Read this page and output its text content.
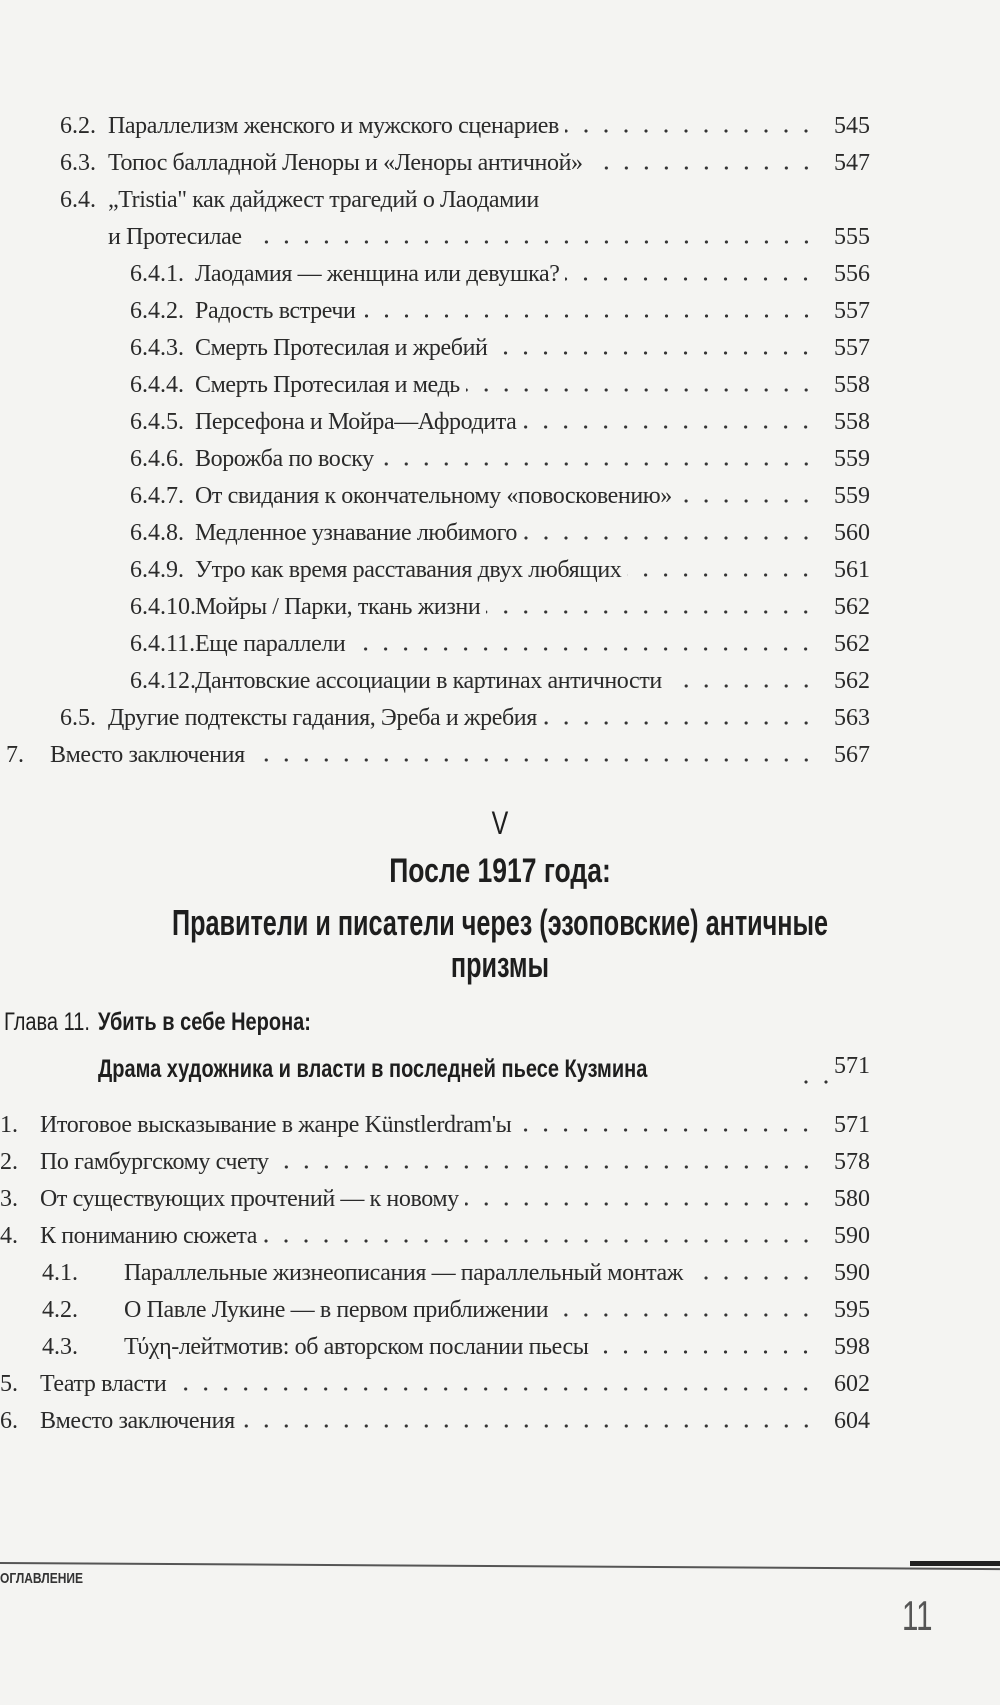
6.2. Параллелизм женского и мужского сценариев	545
6.3. Топос балладной Леноры и «Леноры античной»	547
6.4. „Tristia" как дайджест трагедий о Лаодамии
и Протесилае	555
6.4.1. Лаодамия — женщина или девушка?	556
6.4.2. Радость встречи	557
6.4.3. Смерть Протесилая и жребий	557
6.4.4. Смерть Протесилая и медь	558
6.4.5. Персефона и Мойра—Афродита	558
6.4.6. Ворожба по воску	559
6.4.7. От свидания к окончательному «повосковению»	559
6.4.8. Медленное узнавание любимого	560
6.4.9. Утро как время расставания двух любящих	561
6.4.10. Мойры / Парки, ткань жизни	562
6.4.11. Еще параллели	562
6.4.12. Дантовские ассоциации в картинах античности	562
6.5. Другие подтексты гадания, Эреба и жребия	563
7. Вместо заключения	567
V
После 1917 года:
Правители и писатели через (эзоповские) античные призмы
Глава 11. Убить в себе Нерона:
Драма художника и власти в последней пьесе Кузмина	571
1. Итоговое высказывание в жанре Künstlerdram'ы	571
2. По гамбургскому счету	578
3. От существующих прочтений — к новому	580
4. К пониманию сюжета	590
4.1. Параллельные жизнеописания — параллельный монтаж	590
4.2. О Павле Лукине — в первом приближении	595
4.3. Τύχη-лейтмотив: об авторском послании пьесы	598
5. Театр власти	602
6. Вместо заключения	604
ОГЛАВЛЕНИЕ
11
